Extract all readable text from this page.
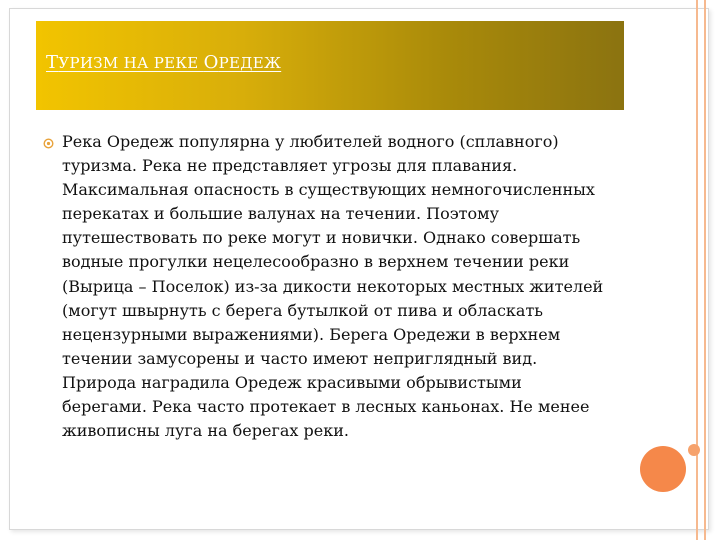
ТУРИЗМ НА РЕКЕ ОРЕДЕЖ
Река Оредеж популярна у любителей водного (сплавного)
туризма. Река не представляет угрозы для плавания.
Максимальная опасность в существующих немногочисленных
перекатах и большие валунах на течении. Поэтому
путешествовать по реке могут и новички. Однако совершать
водные прогулки нецелесообразно в верхнем течении реки
(Вырица – Поселок) из-за дикости некоторых местных жителей
(могут швырнуть с берега бутылкой от пива и обласкать
нецензурными выражениями). Берега Оредежи в верхнем
течении замусорены и часто имеют неприглядный вид.
Природа наградила Оредеж красивыми обрывистыми
берегами. Река часто протекает в лесных каньонах. Не менее
живописны луга на берегах реки.
